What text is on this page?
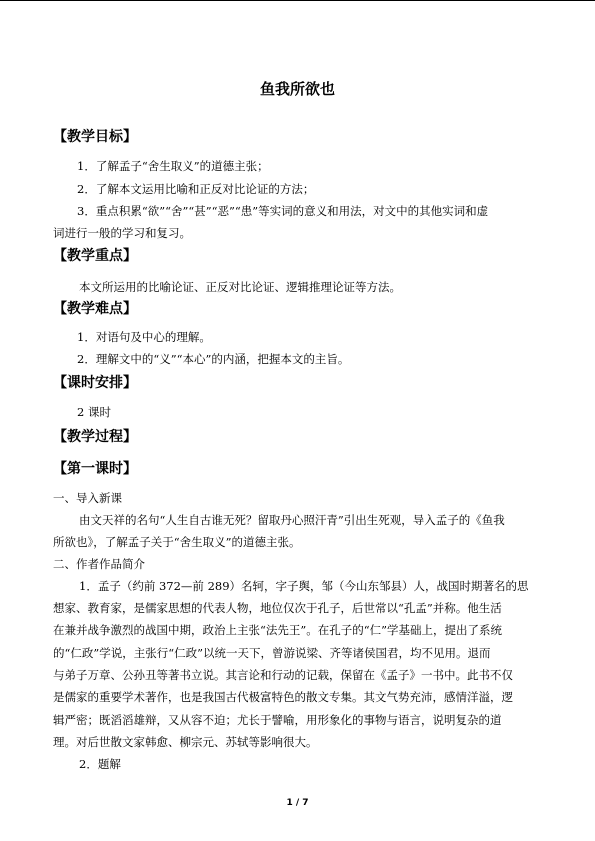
鱼我所欲也
【教学目标】
1．了解孟子“舍生取义”的道德主张；
2．了解本文运用比喻和正反对比论证的方法；
3．重点积累“欲”“舍”“甚”“恶”“患”等实词的意义和用法，对文中的其他实词和虚
词进行一般的学习和复习。
【教学重点】
本文所运用的比喻论证、正反对比论证、逻辑推理论证等方法。
【教学难点】
1．对语句及中心的理解。
2．理解文中的“义”“本心”的内涵，把握本文的主旨。
【课时安排】
2 课时
【教学过程】
【第一课时】
一、导入新课
由文天祥的名句“人生自古谁无死？留取丹心照汗青”引出生死观，导入孟子的《鱼我
所欲也》，了解孟子关于“舍生取义”的道德主张。
二、作者作品简介
1．孟子（约前 372—前 289）名轲，字子舆，邹（今山东邹县）人，战国时期著名的思
想家、教育家，是儒家思想的代表人物，地位仅次于孔子，后世常以“孔孟”并称。他生活
在兼并战争激烈的战国中期，政治上主张“法先王”。在孔子的“仁”学基础上，提出了系统
的“仁政”学说，主张行“仁政”以统一天下，曾游说梁、齐等诸侯国君，均不见用。退而
与弟子万章、公孙丑等著书立说。其言论和行动的记载，保留在《孟子》一书中。此书不仅
是儒家的重要学术著作，也是我国古代极富特色的散文专集。其文气势充沛，感情洋溢，逻
辑严密；既滔滔雄辩，又从容不迫；尤长于譬喻，用形象化的事物与语言，说明复杂的道
理。对后世散文家韩愈、柳宗元、苏轼等影响很大。
2．题解
1 / 7
